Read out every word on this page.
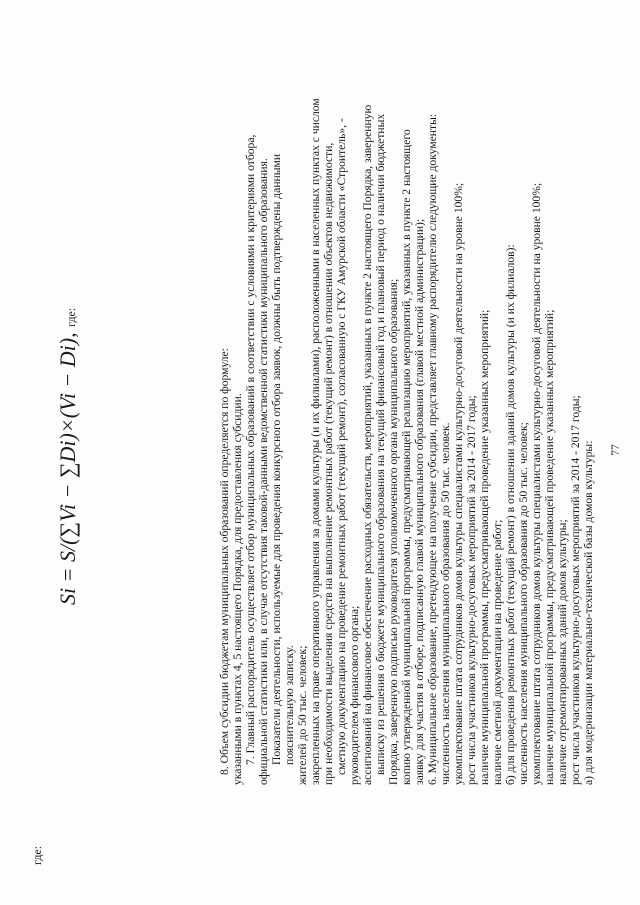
77
а) для модернизации материально-технической базы домов культуры:
рост числа участников культурно-досуговых мероприятий за 2014 - 2017 годы;
наличие отремонтированных зданий домов культуры;
наличие муниципальной программы, предусматривающей проведение указанных мероприятий;
укомплектование штата сотрудников домов культуры специалистами культурно-досуговой деятельности на уровне 100%;
численность населения муниципального образования до 50 тыс. человек;
б) для проведения ремонтных работ (текущий ремонт) в отношении зданий домов культуры (и их филиалов):
наличие сметной документации на проведение работ;
наличие муниципальной программы, предусматривающей проведение указанных мероприятий;
рост числа участников культурно-досуговых мероприятий за 2014 - 2017 годы;
укомплектование штата сотрудников домов культуры специалистами культурно-досуговой деятельности на уровне 100%;
численность населения муниципального образования до 50 тыс. человек.
6. Муниципальное образование, претендующее на получение субсидии, представляет главному распорядителю следующие документы:
заявку для участия в отборе, подписанную главой муниципального образования (главой местной администрации);
копию утвержденной муниципальной программы, предусматривающей реализацию мероприятий, указанных в пункте 2 настоящего
Порядка, заверенную подписью руководителя уполномоченного органа муниципального образования;
выписку из решения о бюджете муниципального образования на текущий финансовый год и плановый период о наличии бюджетных
ассигнований на финансовое обеспечение расходных обязательств, мероприятий, указанных в пункте 2 настоящего Порядка, заверенную
руководителем финансового органа;
сметную документацию на проведение ремонтных работ (текущий ремонт), согласованную с ГКУ Амурской области «Строитель», -
при необходимости выделения средств на выполнение ремонтных работ (текущий ремонт) в отношении объектов недвижимости,
закрепленных на праве оперативного управления за домами культуры (и их филиалами), расположенными в населенных пунктах с числом
жителей до 50 тыс. человек;
пояснительную записку.
Показатели деятельности, используемые для проведения конкурсного отбора заявок, должны быть подтверждены данными
официальной статистики или, в случае отсутствия таковой-данными ведомственной статистики муниципального образования.
7. Главный распорядитель осуществляет отбор муниципальных образований в соответствии с условиями и критериями отбора,
указанными в пунктах 4, 5 настоящего Порядка, для предоставления субсидии.
8. Объем субсидии бюджетам муниципальных образований определяется по формуле:
Si = S/(∑Vi − ∑Di)×(Vi − Di), где:
где:
